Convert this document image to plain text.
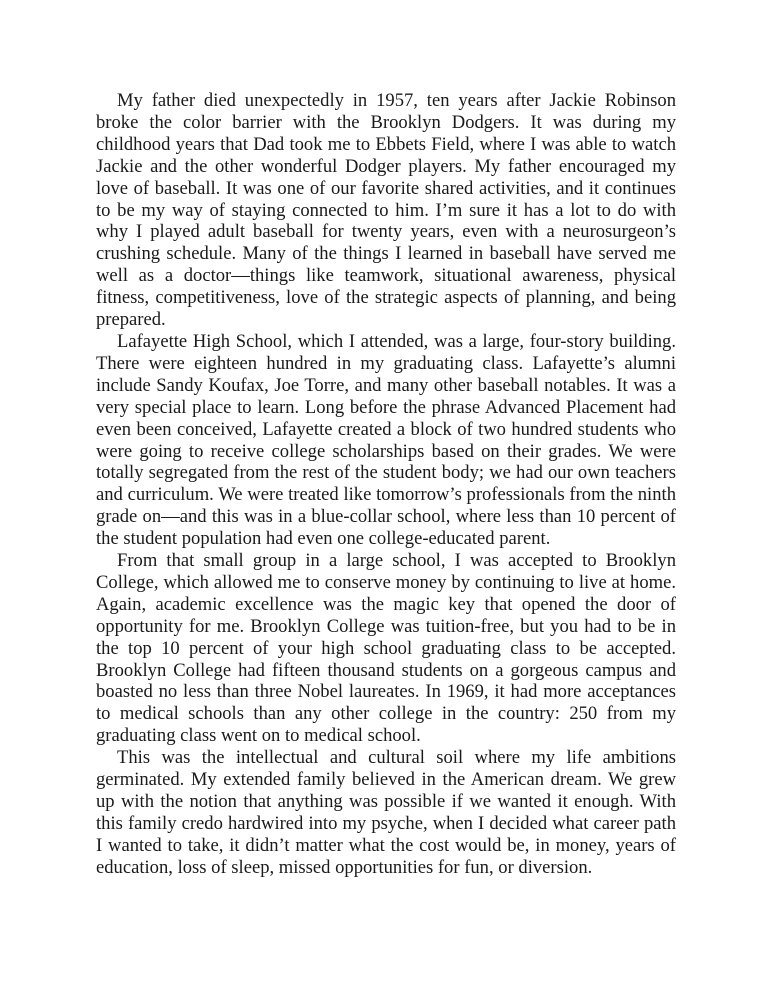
My father died unexpectedly in 1957, ten years after Jackie Robinson broke the color barrier with the Brooklyn Dodgers. It was during my childhood years that Dad took me to Ebbets Field, where I was able to watch Jackie and the other wonderful Dodger players. My father encouraged my love of baseball. It was one of our favorite shared activities, and it continues to be my way of staying connected to him. I’m sure it has a lot to do with why I played adult baseball for twenty years, even with a neurosurgeon’s crushing schedule. Many of the things I learned in baseball have served me well as a doctor—things like teamwork, situational awareness, physical fitness, competitiveness, love of the strategic aspects of planning, and being prepared.

Lafayette High School, which I attended, was a large, four-story building. There were eighteen hundred in my graduating class. Lafayette’s alumni include Sandy Koufax, Joe Torre, and many other baseball notables. It was a very special place to learn. Long before the phrase Advanced Placement had even been conceived, Lafayette created a block of two hundred students who were going to receive college scholarships based on their grades. We were totally segregated from the rest of the student body; we had our own teachers and curriculum. We were treated like tomorrow’s professionals from the ninth grade on—and this was in a blue-collar school, where less than 10 percent of the student population had even one college-educated parent.

From that small group in a large school, I was accepted to Brooklyn College, which allowed me to conserve money by continuing to live at home. Again, academic excellence was the magic key that opened the door of opportunity for me. Brooklyn College was tuition-free, but you had to be in the top 10 percent of your high school graduating class to be accepted. Brooklyn College had fifteen thousand students on a gorgeous campus and boasted no less than three Nobel laureates. In 1969, it had more acceptances to medical schools than any other college in the country: 250 from my graduating class went on to medical school.

This was the intellectual and cultural soil where my life ambitions germinated. My extended family believed in the American dream. We grew up with the notion that anything was possible if we wanted it enough. With this family credo hardwired into my psyche, when I decided what career path I wanted to take, it didn’t matter what the cost would be, in money, years of education, loss of sleep, missed opportunities for fun, or diversion.
